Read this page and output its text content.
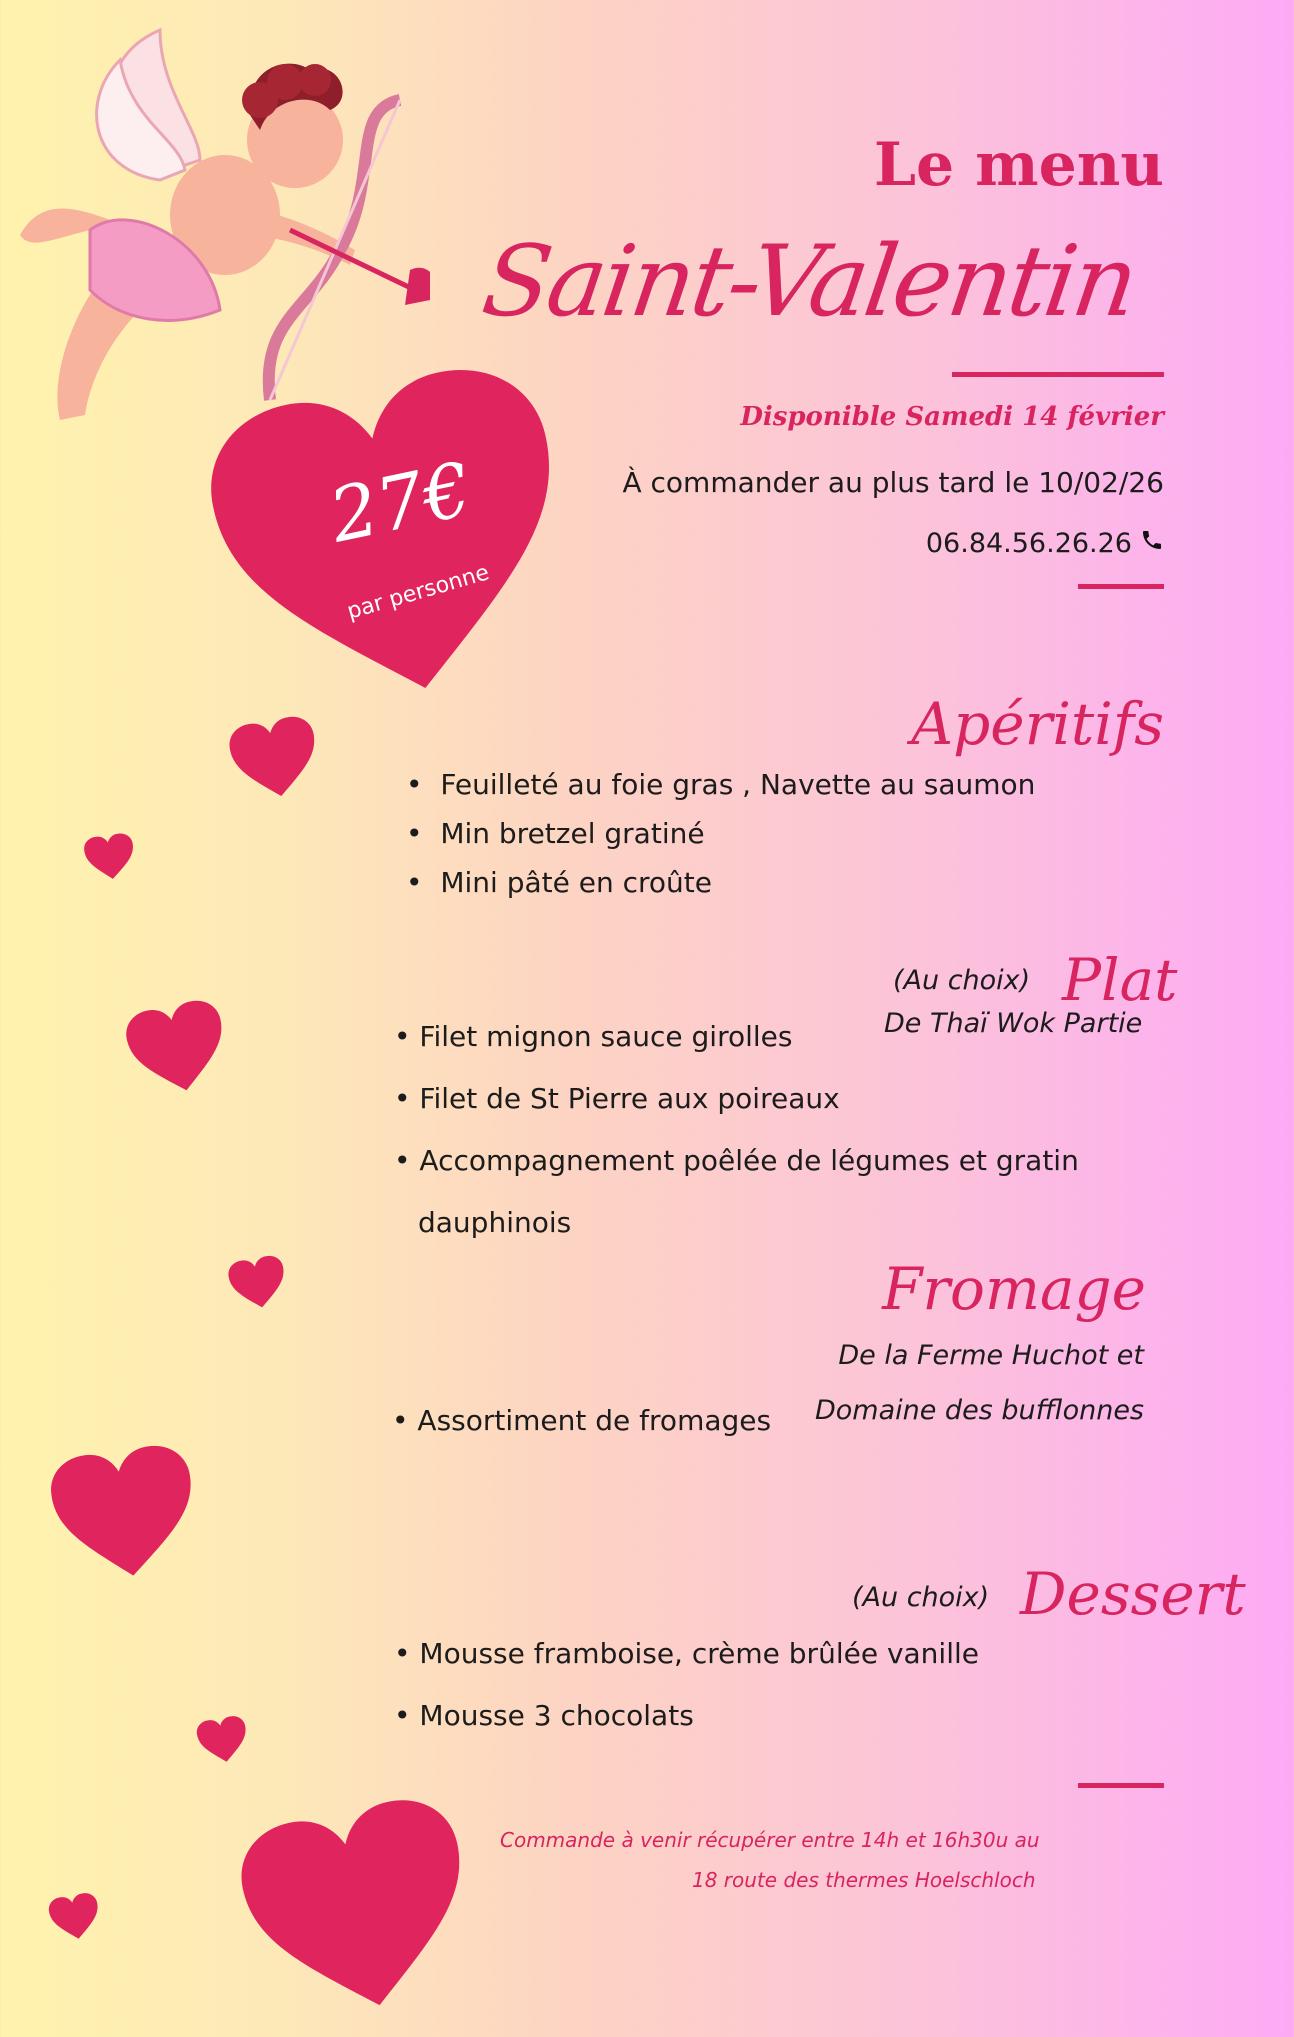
Le menu
Saint-Valentin
Disponible Samedi 14 février
À commander au plus tard le 10/02/26
06.84.56.26.26
27€
par personne
Apéritifs
•  Feuilleté au foie gras , Navette au saumon
•  Min bretzel gratiné
•  Mini pâté en croûte
Plat
(Au choix)
De Thaï Wok Partie
• Filet mignon sauce girolles
• Filet de St Pierre aux poireaux
• Accompagnement poêlée de légumes et gratin
dauphinois
Fromage
De la Ferme Huchot et
Domaine des bufflonnes
• Assortiment de fromages
Dessert
(Au choix)
• Mousse framboise, crème brûlée vanille
• Mousse 3 chocolats
Commande à venir récupérer entre 14h et 16h30u au
18 route des thermes Hoelschloch
